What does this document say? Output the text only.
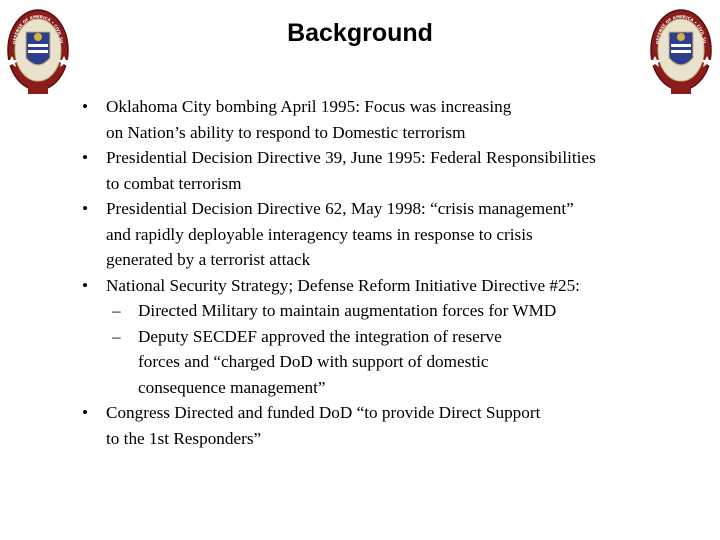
DEFENSE OF AMERICA • CIVIL SU	DEFENSE OF AMERICA • CIVIL SU
Background
• Oklahoma City bombing April 1995: Focus was increasing
on Nation’s ability to respond to Domestic terrorism
• Presidential Decision Directive 39, June 1995: Federal Responsibilities
to combat terrorism
• Presidential Decision Directive 62, May 1998: “crisis management”
and rapidly deployable interagency teams in response to crisis
generated by a terrorist attack
• National Security Strategy; Defense Reform Initiative Directive #25:
– Directed Military to maintain augmentation forces for WMD
– Deputy SECDEF approved the integration of reserve
forces and “charged DoD with support of domestic
consequence management”
• Congress Directed and funded DoD “to provide Direct Support
to the 1st Responders”
